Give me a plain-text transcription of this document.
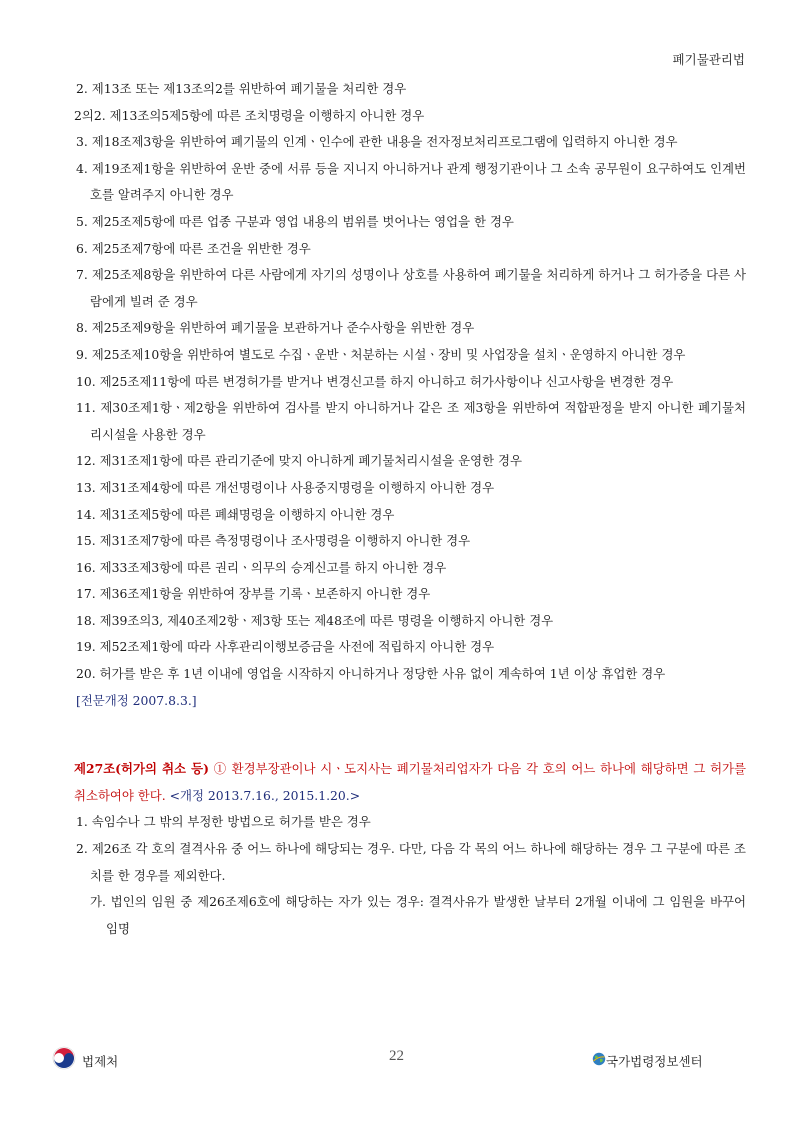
폐기물관리법
2. 제13조 또는 제13조의2를 위반하여 폐기물을 처리한 경우
2의2. 제13조의5제5항에 따른 조치명령을 이행하지 아니한 경우
3. 제18조제3항을 위반하여 폐기물의 인계ㆍ인수에 관한 내용을 전자정보처리프로그램에 입력하지 아니한 경우
4. 제19조제1항을 위반하여 운반 중에 서류 등을 지니지 아니하거나 관계 행정기관이나 그 소속 공무원이 요구하여도 인계번호를 알려주지 아니한 경우
5. 제25조제5항에 따른 업종 구분과 영업 내용의 범위를 벗어나는 영업을 한 경우
6. 제25조제7항에 따른 조건을 위반한 경우
7. 제25조제8항을 위반하여 다른 사람에게 자기의 성명이나 상호를 사용하여 폐기물을 처리하게 하거나 그 허가증을 다른 사람에게 빌려 준 경우
8. 제25조제9항을 위반하여 폐기물을 보관하거나 준수사항을 위반한 경우
9. 제25조제10항을 위반하여 별도로 수집ㆍ운반ㆍ처분하는 시설ㆍ장비 및 사업장을 설치ㆍ운영하지 아니한 경우
10. 제25조제11항에 따른 변경허가를 받거나 변경신고를 하지 아니하고 허가사항이나 신고사항을 변경한 경우
11. 제30조제1항ㆍ제2항을 위반하여 검사를 받지 아니하거나 같은 조 제3항을 위반하여 적합판정을 받지 아니한 폐기물처리시설을 사용한 경우
12. 제31조제1항에 따른 관리기준에 맞지 아니하게 폐기물처리시설을 운영한 경우
13. 제31조제4항에 따른 개선명령이나 사용중지명령을 이행하지 아니한 경우
14. 제31조제5항에 따른 폐쇄명령을 이행하지 아니한 경우
15. 제31조제7항에 따른 측정명령이나 조사명령을 이행하지 아니한 경우
16. 제33조제3항에 따른 권리ㆍ의무의 승계신고를 하지 아니한 경우
17. 제36조제1항을 위반하여 장부를 기록ㆍ보존하지 아니한 경우
18. 제39조의3, 제40조제2항ㆍ제3항 또는 제48조에 따른 명령을 이행하지 아니한 경우
19. 제52조제1항에 따라 사후관리이행보증금을 사전에 적립하지 아니한 경우
20. 허가를 받은 후 1년 이내에 영업을 시작하지 아니하거나 정당한 사유 없이 계속하여 1년 이상 휴업한 경우
[전문개정 2007.8.3.]
제27조(허가의 취소 등) ① 환경부장관이나 시ㆍ도지사는 폐기물처리업자가 다음 각 호의 어느 하나에 해당하면 그 허가를 취소하여야 한다. <개정 2013.7.16., 2015.1.20.>
1. 속임수나 그 밖의 부정한 방법으로 허가를 받은 경우
2. 제26조 각 호의 결격사유 중 어느 하나에 해당되는 경우. 다만, 다음 각 목의 어느 하나에 해당하는 경우 그 구분에 따른 조치를 한 경우를 제외한다.
가. 법인의 임원 중 제26조제6호에 해당하는 자가 있는 경우: 결격사유가 발생한 날부터 2개월 이내에 그 임원을 바꾸어 임명
법제처	22	국가법령정보센터
